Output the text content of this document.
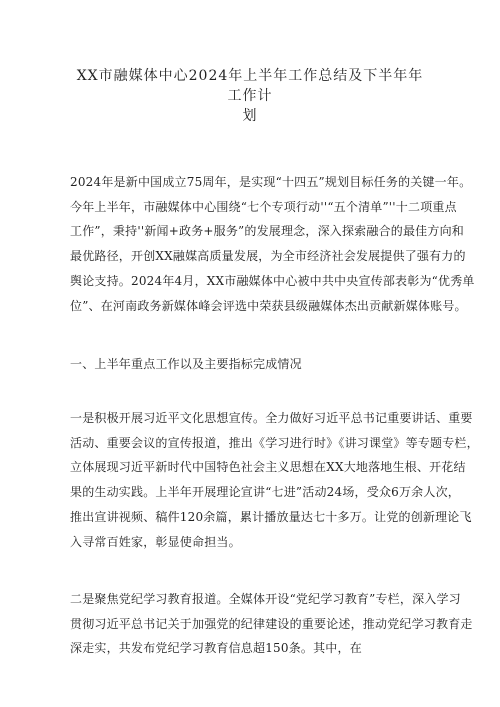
XX市融媒体中心2024年上半年工作总结及下半年年工作计
划
2024年是新中国成立75周年，是实现“十四五”规划目标任务的关键一年。
今年上半年，市融媒体中心围绕“七个专项行动''“五个清单”''十二项重点
工作”，秉持''新闻+政务+服务”的发展理念，深入探索融合的最佳方向和
最优路径，开创XX融媒高质量发展，为全市经济社会发展提供了强有力的
舆论支持。2024年4月，XX市融媒体中心被中共中央宣传部表彰为“优秀单
位”、在河南政务新媒体峰会评选中荣获县级融媒体杰出贡献新媒体账号。
一、上半年重点工作以及主要指标完成情况
一是积极开展习近平文化思想宣传。全力做好习近平总书记重要讲话、重要
活动、重要会议的宣传报道，推出《学习进行时》《讲习课堂》等专题专栏，
立体展现习近平新时代中国特色社会主义思想在XX大地落地生根、开花结
果的生动实践。上半年开展理论宣讲“七进”活动24场，受众6万余人次，
推出宣讲视频、稿件120余篇，累计播放量达七十多万。让党的创新理论飞
入寻常百姓家，彰显使命担当。
二是聚焦党纪学习教育报道。全媒体开设“党纪学习教育”专栏，深入学习
贯彻习近平总书记关于加强党的纪律建设的重要论述，推动党纪学习教育走
深走实，共发布党纪学习教育信息超150条。其中，在
